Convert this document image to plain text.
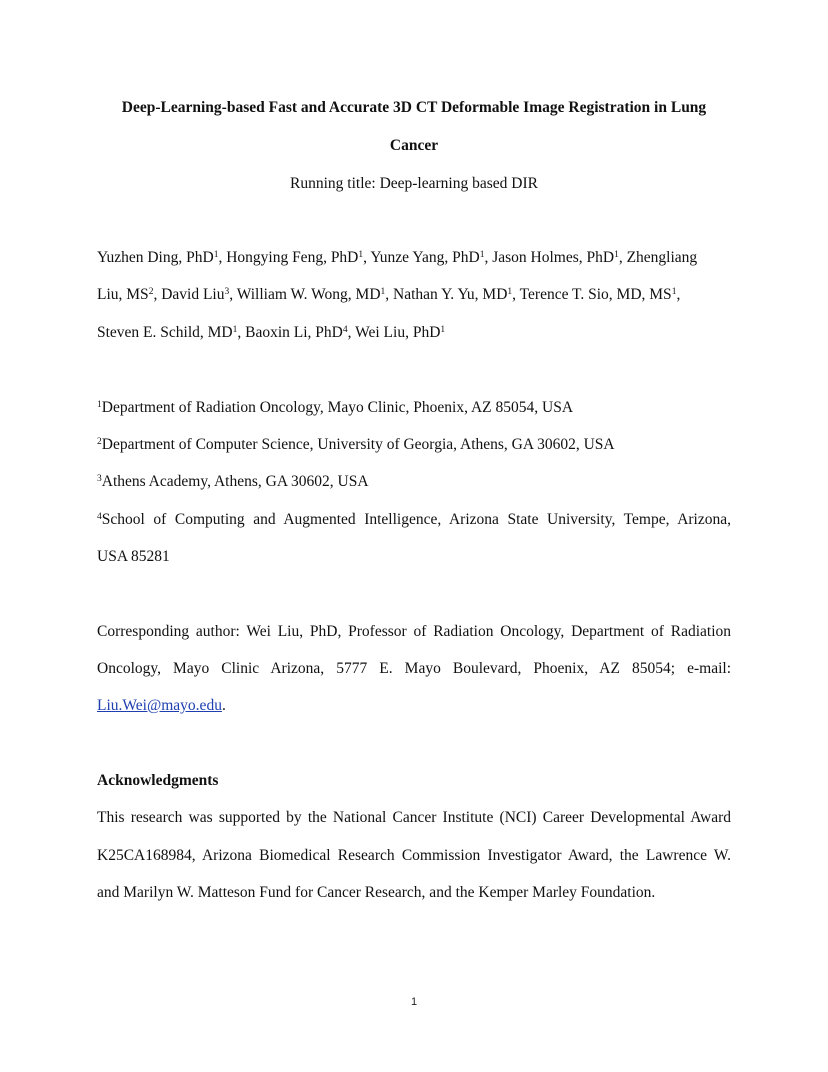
Deep-Learning-based Fast and Accurate 3D CT Deformable Image Registration in Lung
Cancer
Running title: Deep-learning based DIR
Yuzhen Ding, PhD$^1$, Hongying Feng, PhD$^1$, Yunze Yang, PhD$^1$, Jason Holmes, PhD$^1$, Zhengliang
Liu, $MS^2$, David Liu$^3$, William W. Wong, $MD^1$, Nathan Y. Yu, $MD^1$, Terence T. Sio, MD, $MS^1$,
Steven E. Schild, $MD^1$, Baoxin Li, PhD$^4$, Wei Liu, PhD$^1$
$^1$Department of Radiation Oncology, Mayo Clinic, Phoenix, AZ 85054, USA
$^2$Department of Computer Science, University of Georgia, Athens, GA 30602, USA
$^3$Athens Academy, Athens, GA 30602, USA
$^4$School of Computing and Augmented Intelligence, Arizona State University, Tempe, Arizona,
USA 85281
Corresponding author: Wei Liu, PhD, Professor of Radiation Oncology, Department of Radiation
Oncology, Mayo Clinic Arizona, 5777 E. Mayo Boulevard, Phoenix, AZ 85054; e-mail:
Liu.Wei@mayo.edu.
Acknowledgments
This research was supported by the National Cancer Institute (NCI) Career Developmental Award
K25CA168984, Arizona Biomedical Research Commission Investigator Award, the Lawrence W.
and Marilyn W. Matteson Fund for Cancer Research, and the Kemper Marley Foundation.
1
